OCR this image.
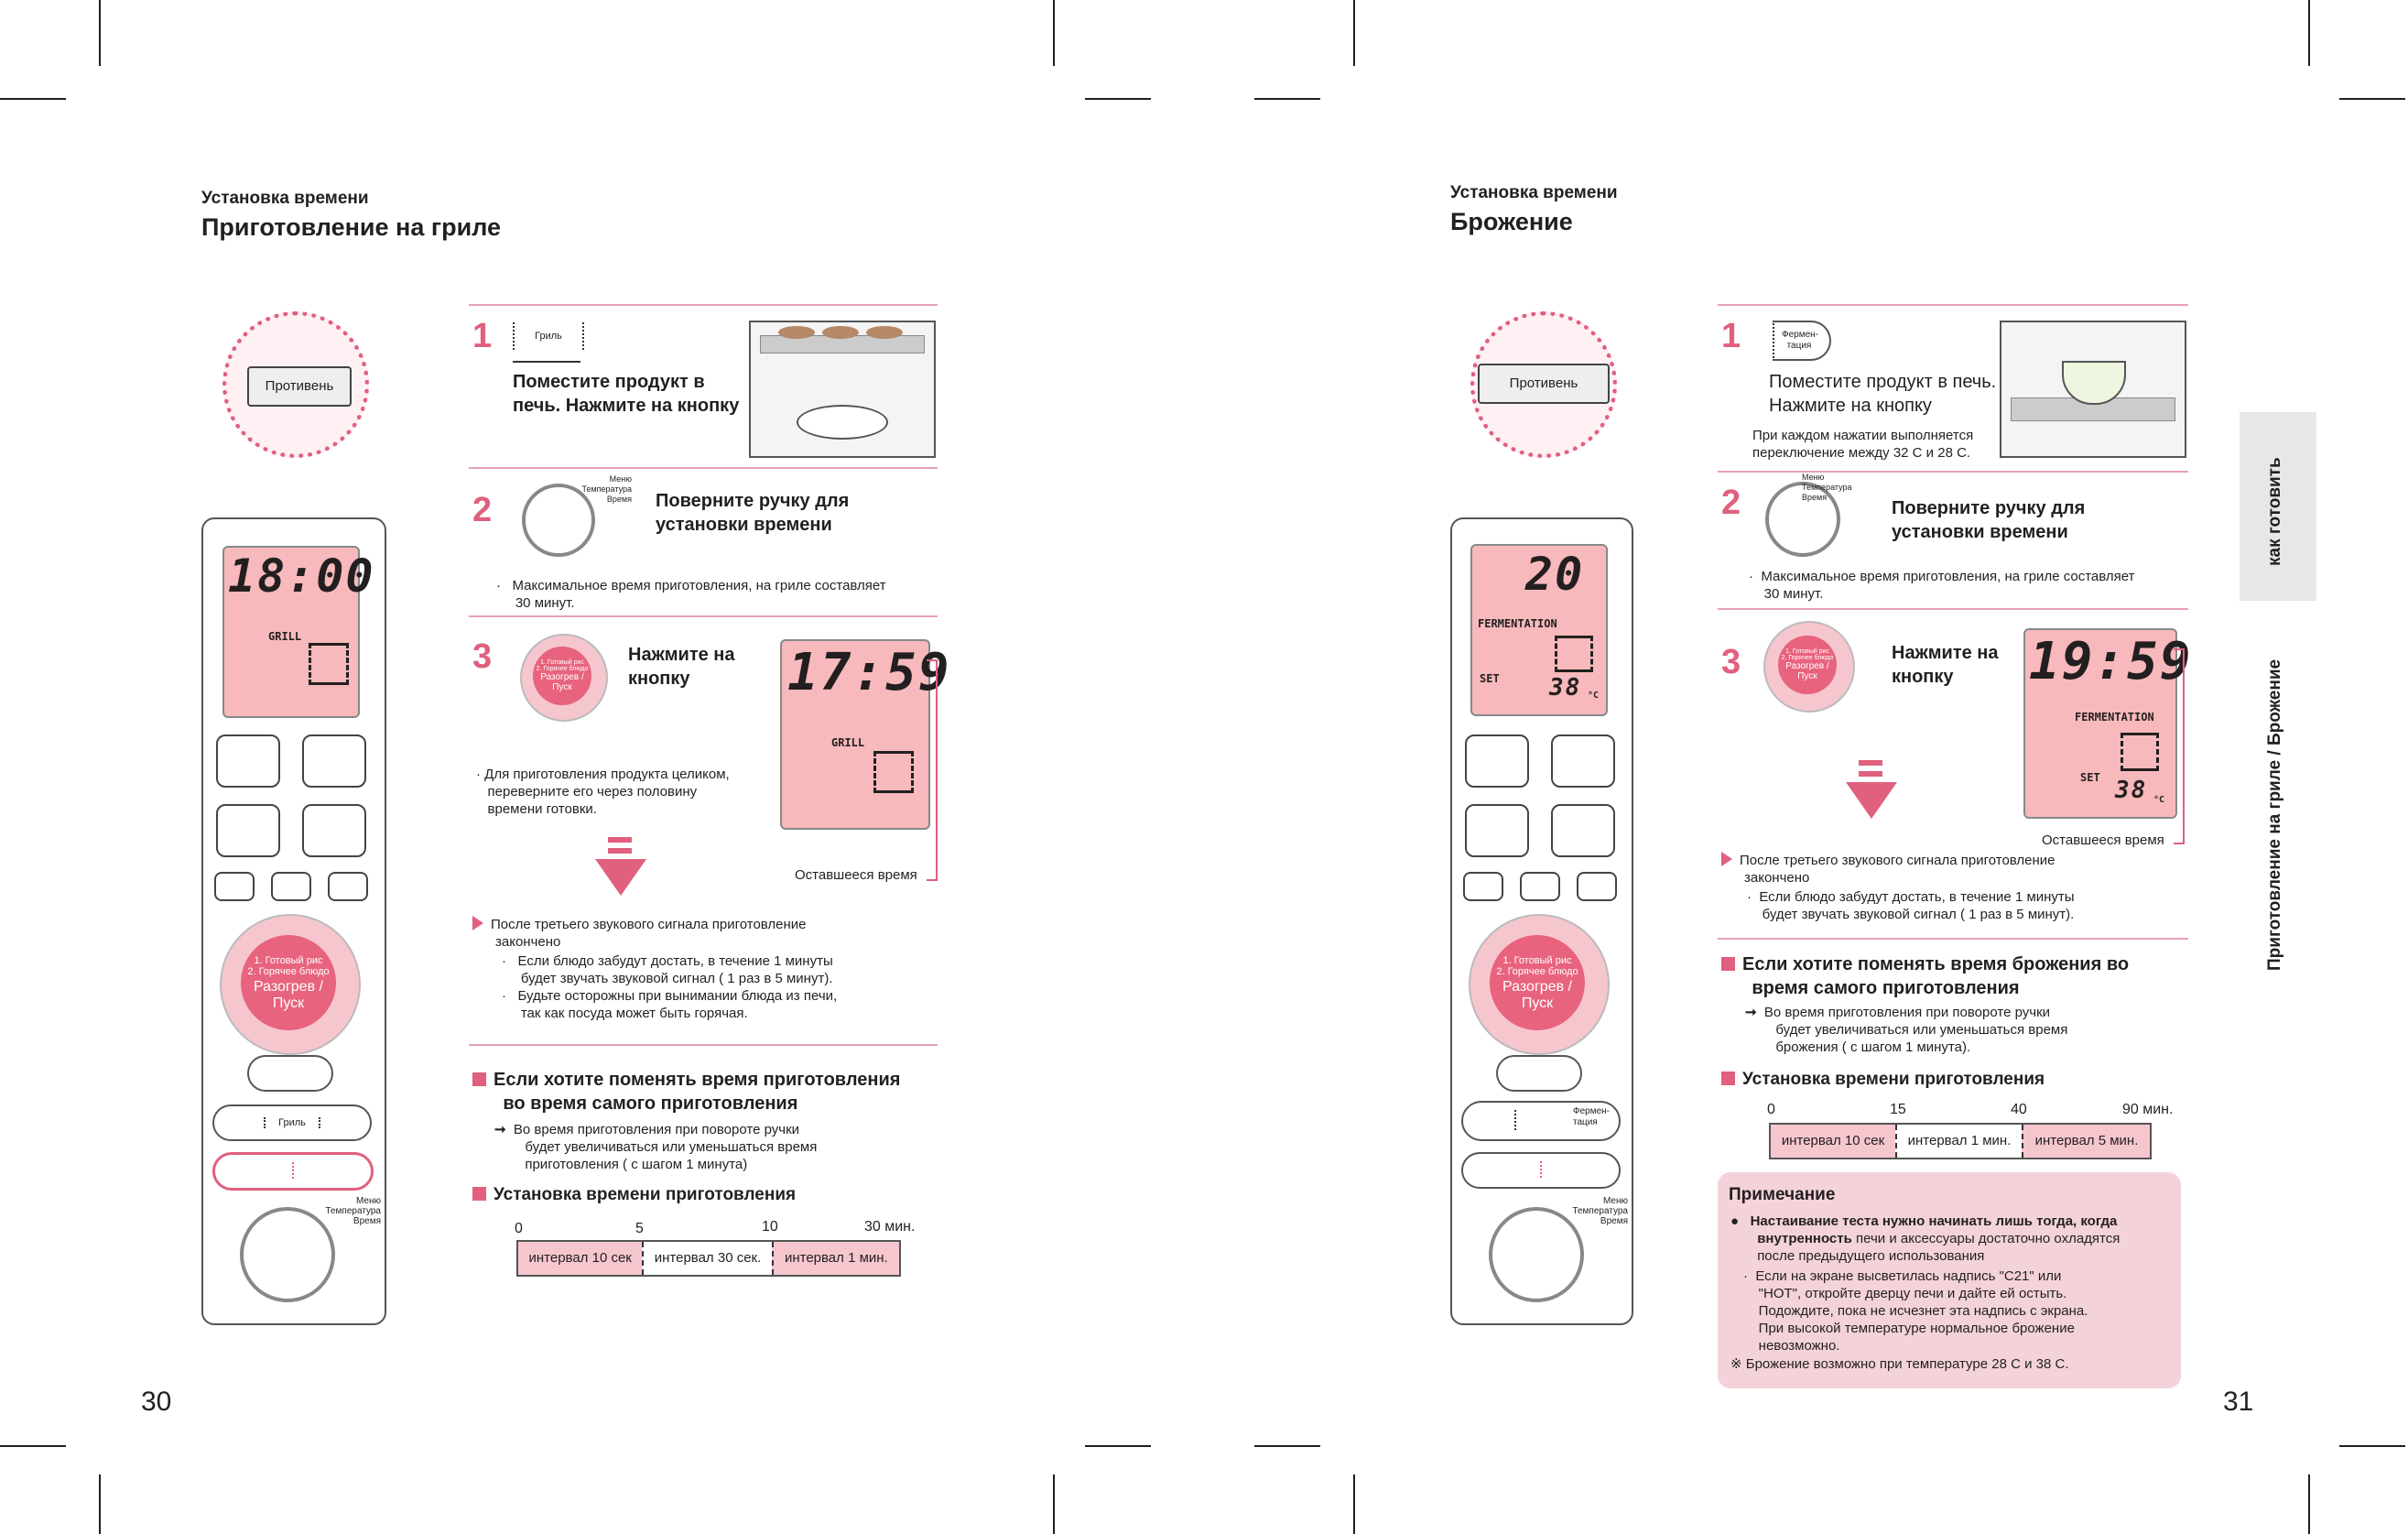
Установка времени
Приготовление на гриле
Противень
18:00
GRILL
1. Готовый рис
2. Горячее блюдо
Разогрев /
Пуск
Гриль
Меню
Температура
Время
1	Гриль
Поместите продукт в
печь. Нажмите на кнопку
2
Меню
Температура
Время Поверните ручку для
установки времени
·   Максимальное время приготовления, на гриле составляет
30 минут.
3	1. Готовый рис
2. Горячее блюдо
Разогрев /
Пуск
Нажмите на
кнопку	17:59
GRILL
Оставшееся время
· Для приготовления продукта целиком,
переверните его через половину
времени готовки.
После третьего звукового сигнала приготовление
закончено
·   Если блюдо забудут достать, в течение 1 минуты
будет звучать звуковой сигнал ( 1 раз в 5 минут).
·   Будьте осторожны при вынимании блюда из печи,
так как посуда может быть горячая.
Если хотите поменять время приготовления
во время самого приготовления
➞ Во время приготовления при повороте ручки
будет увеличиваться или уменьшаться время
приготовления ( с шагом 1 минута)
Установка времени приготовления
0	5	10	30 мин.
интервал 10 сек	интервал 30 сек.	интервал 1 мин.
30
Установка времени
Брожение
Противень
20
FERMENTATION
SET 38 °C
1. Готовый рис
2. Горячее блюдо
Разогрев /
Пуск
Фермен-
тация
Меню
Температура
Время
1	Фермен-
тация
Поместите продукт в печь.
Нажмите на кнопку
При каждом нажатии выполняется
переключение между 32 С и 28 С.
2
Меню
Температура
Время
Поверните ручку для
установки времени
·  Максимальное время приготовления, на гриле составляет
30 минут.
3	1. Готовый рис
2. Горячее блюдо
Разогрев /
Пуск
Нажмите на
кнопку	19:59
FERMENTATION
SET 38 °C
Оставшееся время
После третьего звукового сигнала приготовление
закончено
·  Если блюдо забудут достать, в течение 1 минуты
будет звучать звуковой сигнал ( 1 раз в 5 минут).
Если хотите поменять время брожения во
время самого приготовления
➞ Во время приготовления при повороте ручки
будет увеличиваться или уменьшаться время
брожения ( с шагом 1 минута).
Установка времени приготовления
0	15	40	90 мин.
интервал 10 сек	интервал 1 мин.	интервал 5 мин.
Примечание
●   Настаивание теста нужно начинать лишь тогда, когда
внутренность печи и аксессуары достаточно охладятся
после предыдущего использования
·  Если на экране высветилась надпись "С21" или
"HOT", откройте дверцу печи и дайте ей остыть.
Подождите, пока не исчезнет эта надпись с экрана.
При высокой температуре нормальное брожение
невозможно.
※ Брожение возможно при температуре 28 С и 38 С.
как готовить
Приготовление на гриле / Брожение
31
